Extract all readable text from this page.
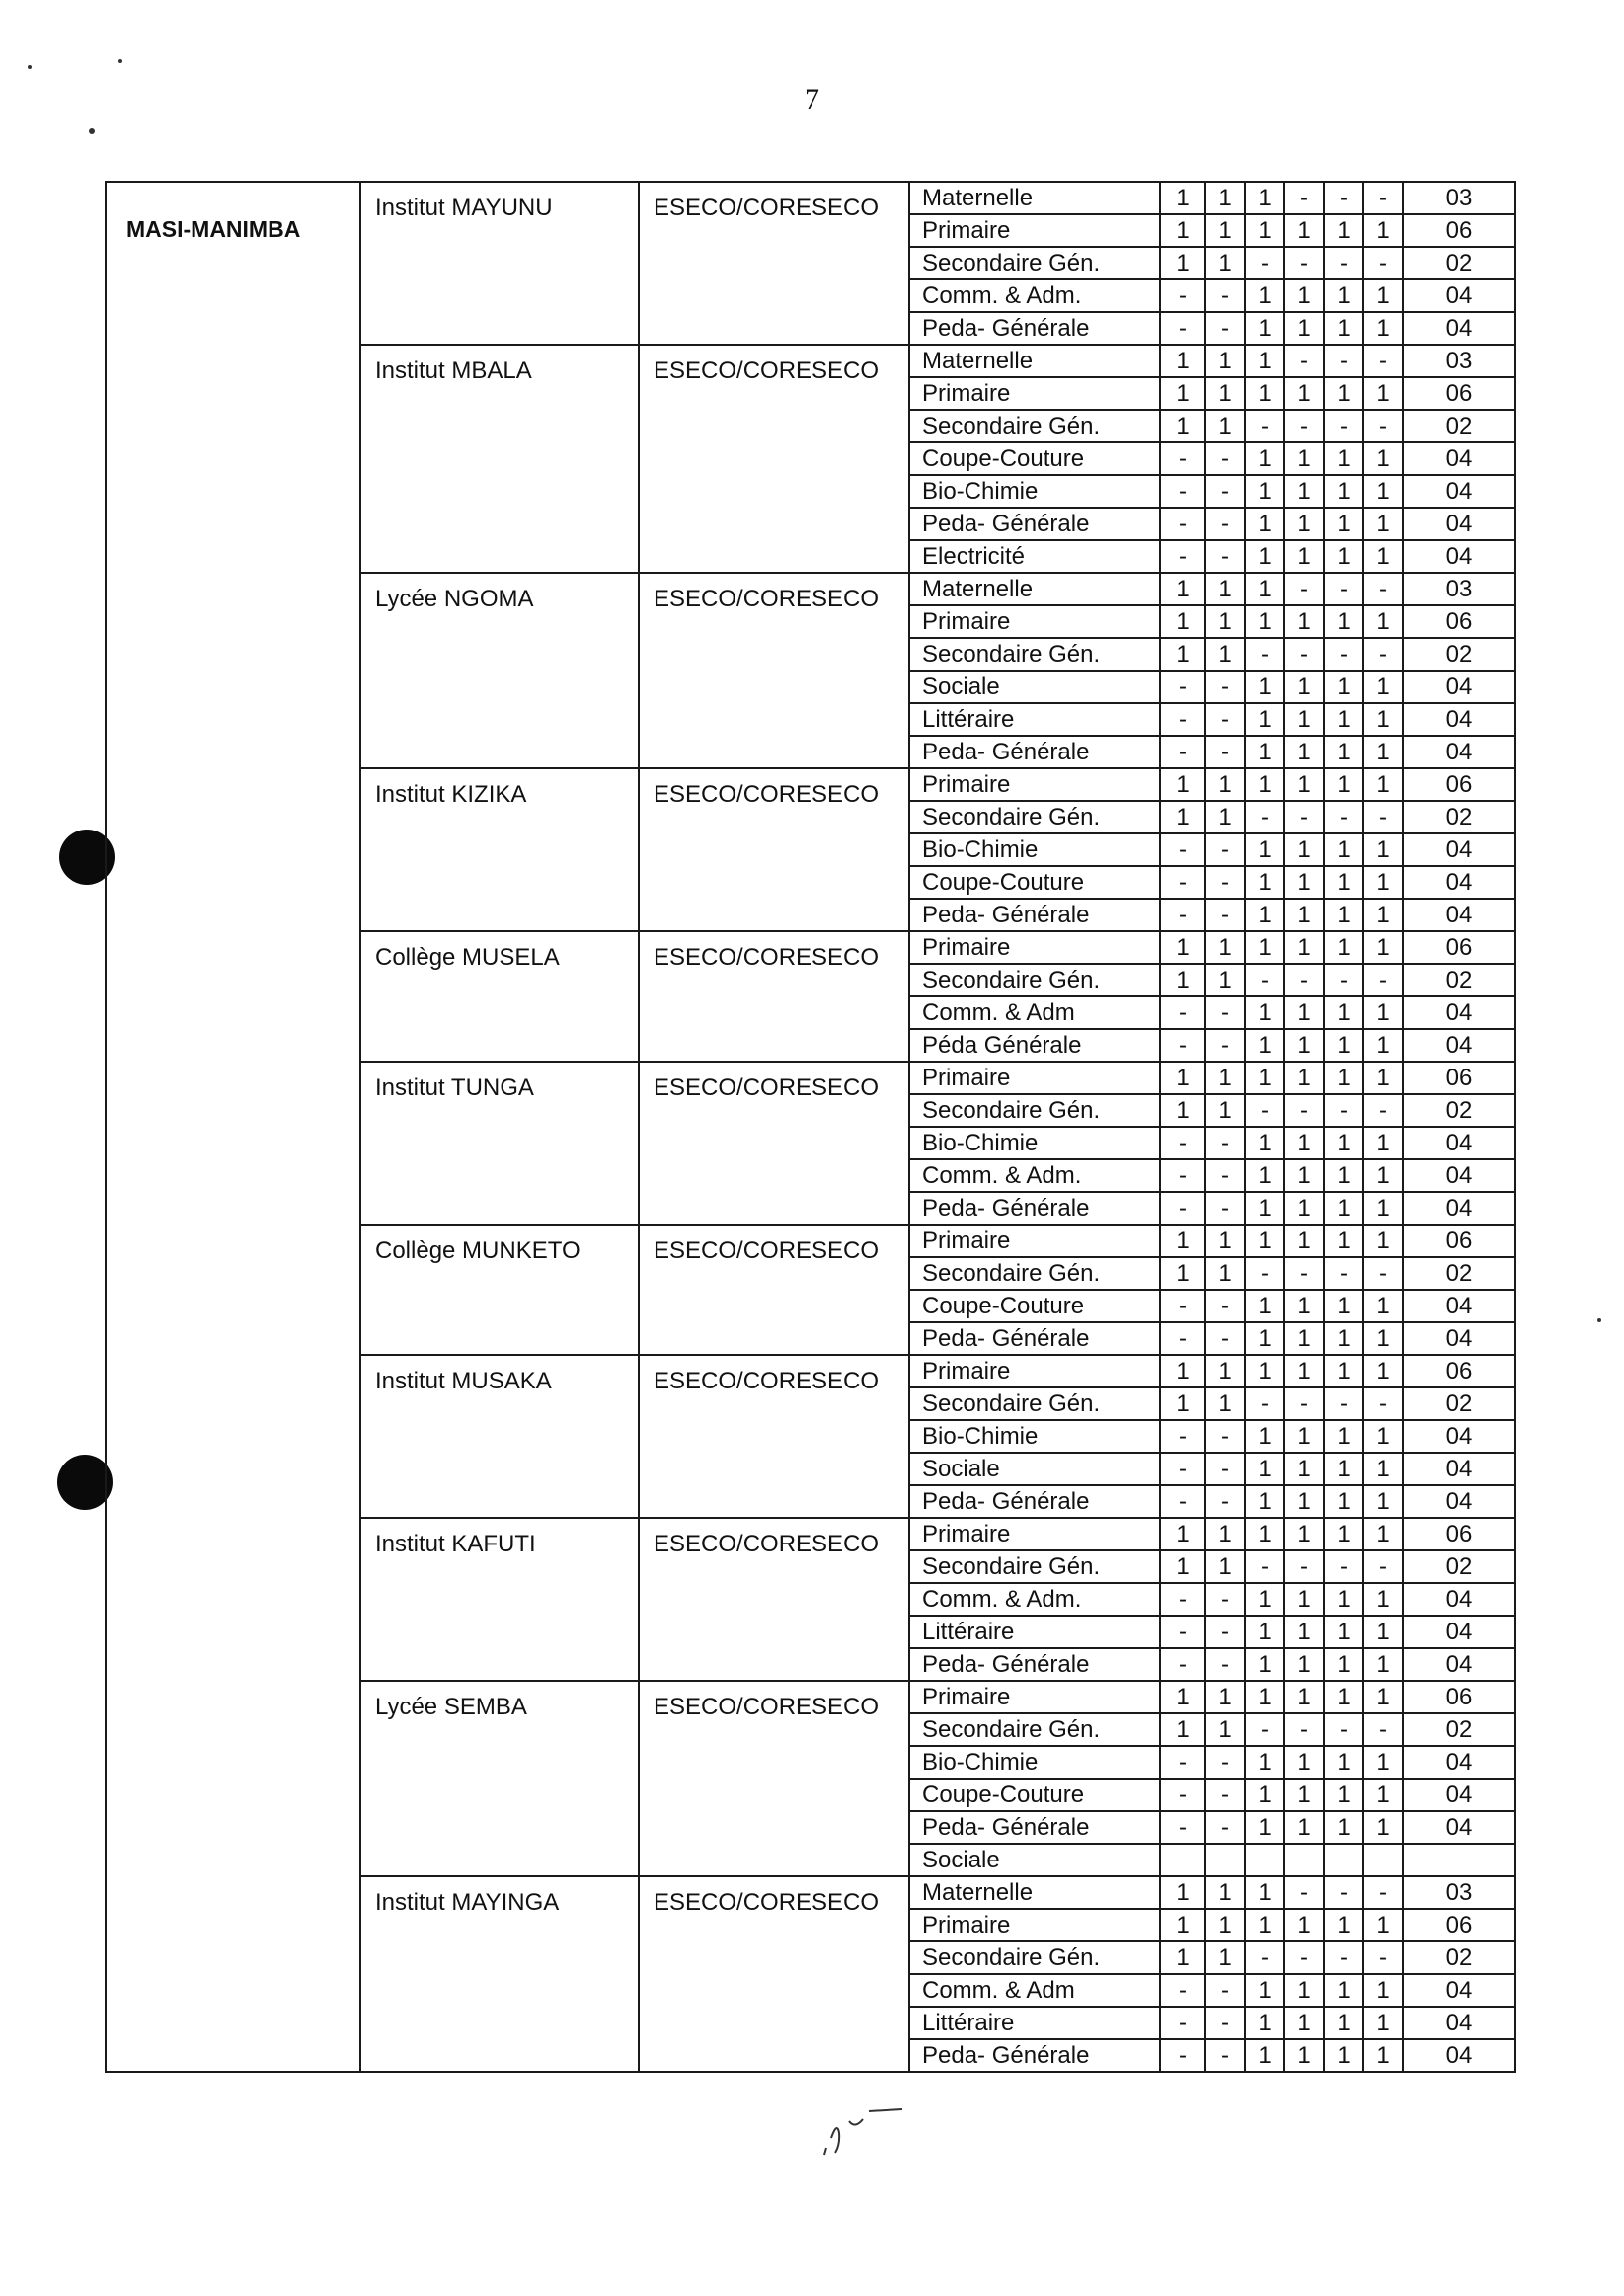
7
MASI-MANIMBA	Institut MAYUNU	ESECO/CORESECO	Maternelle	1	1	1	-	-	-	03
			Primaire	1	1	1	1	1	1	06
			Secondaire Gén.	1	1	-	-	-	-	02
			Comm. & Adm.	-	-	1	1	1	1	04
			Peda- Générale	-	-	1	1	1	1	04
	Institut MBALA	ESECO/CORESECO	Maternelle	1	1	1	-	-	-	03
			Primaire	1	1	1	1	1	1	06
			Secondaire Gén.	1	1	-	-	-	-	02
			Coupe-Couture	-	-	1	1	1	1	04
			Bio-Chimie	-	-	1	1	1	1	04
			Peda- Générale	-	-	1	1	1	1	04
			Electricité	-	-	1	1	1	1	04
	Lycée NGOMA	ESECO/CORESECO	Maternelle	1	1	1	-	-	-	03
			Primaire	1	1	1	1	1	1	06
			Secondaire Gén.	1	1	-	-	-	-	02
			Sociale	-	-	1	1	1	1	04
			Littéraire	-	-	1	1	1	1	04
			Peda- Générale	-	-	1	1	1	1	04
	Institut KIZIKA	ESECO/CORESECO	Primaire	1	1	1	1	1	1	06
			Secondaire Gén.	1	1	-	-	-	-	02
			Bio-Chimie	-	-	1	1	1	1	04
			Coupe-Couture	-	-	1	1	1	1	04
			Peda- Générale	-	-	1	1	1	1	04
	Collège MUSELA	ESECO/CORESECO	Primaire	1	1	1	1	1	1	06
			Secondaire Gén.	1	1	-	-	-	-	02
			Comm. & Adm	-	-	1	1	1	1	04
			Péda Générale	-	-	1	1	1	1	04
	Institut TUNGA	ESECO/CORESECO	Primaire	1	1	1	1	1	1	06
			Secondaire Gén.	1	1	-	-	-	-	02
			Bio-Chimie	-	-	1	1	1	1	04
			Comm. & Adm.	-	-	1	1	1	1	04
			Peda- Générale	-	-	1	1	1	1	04
	Collège MUNKETO	ESECO/CORESECO	Primaire	1	1	1	1	1	1	06
			Secondaire Gén.	1	1	-	-	-	-	02
			Coupe-Couture	-	-	1	1	1	1	04
			Peda- Générale	-	-	1	1	1	1	04
	Institut MUSAKA	ESECO/CORESECO	Primaire	1	1	1	1	1	1	06
			Secondaire Gén.	1	1	-	-	-	-	02
			Bio-Chimie	-	-	1	1	1	1	04
			Sociale	-	-	1	1	1	1	04
			Peda- Générale	-	-	1	1	1	1	04
	Institut KAFUTI	ESECO/CORESECO	Primaire	1	1	1	1	1	1	06
			Secondaire Gén.	1	1	-	-	-	-	02
			Comm. & Adm.	-	-	1	1	1	1	04
			Littéraire	-	-	1	1	1	1	04
			Peda- Générale	-	-	1	1	1	1	04
	Lycée SEMBA	ESECO/CORESECO	Primaire	1	1	1	1	1	1	06
			Secondaire Gén.	1	1	-	-	-	-	02
			Bio-Chimie	-	-	1	1	1	1	04
			Coupe-Couture	-	-	1	1	1	1	04
			Peda- Générale	-	-	1	1	1	1	04
			Sociale							
	Institut MAYINGA	ESECO/CORESECO	Maternelle	1	1	1	-	-	-	03
			Primaire	1	1	1	1	1	1	06
			Secondaire Gén.	1	1	-	-	-	-	02
			Comm. & Adm	-	-	1	1	1	1	04
			Littéraire	-	-	1	1	1	1	04
			Peda- Générale	-	-	1	1	1	1	04
